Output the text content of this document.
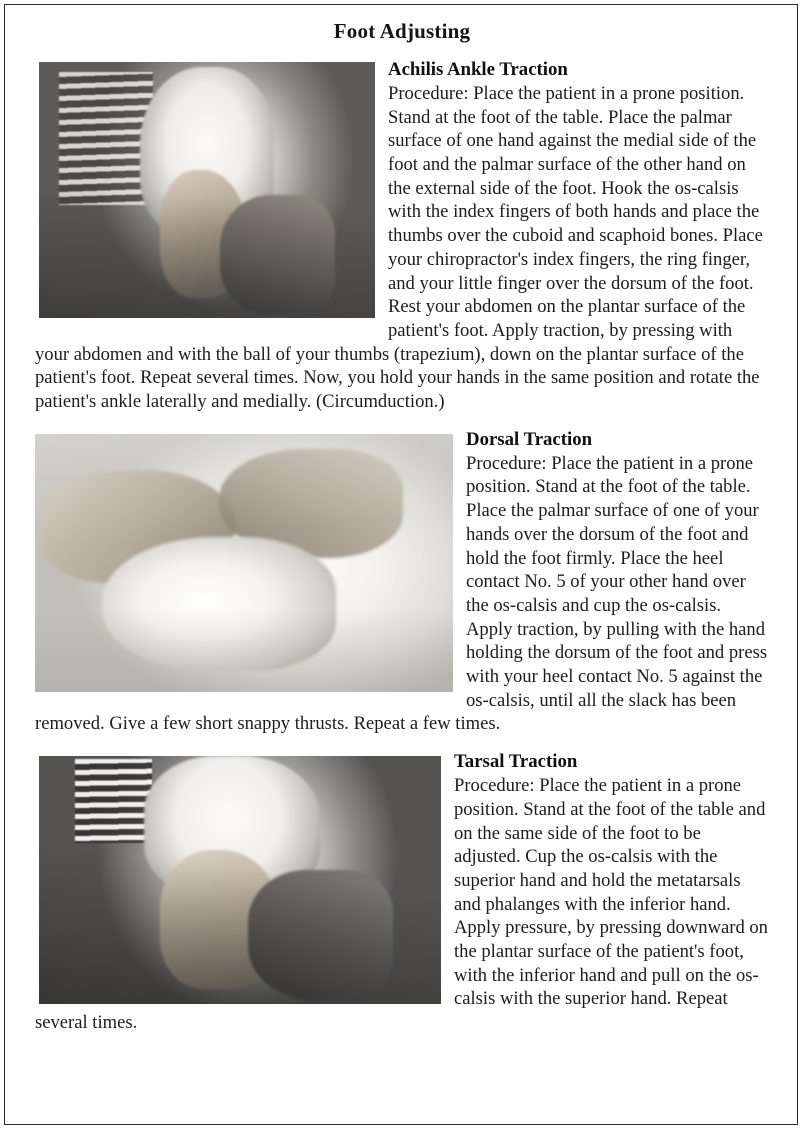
Foot Adjusting

Achilis Ankle Traction

Procedure: Place the patient in a prone position. Stand at the foot of the table. Place the palmar surface of one hand against the medial side of the foot and the palmar surface of the other hand on the external side of the foot. Hook the os-calsis with the index fingers of both hands and place the thumbs over the cuboid and scaphoid bones. Place your chiropractor's index fingers, the ring finger, and your little finger over the dorsum of the foot. Rest your abdomen on the plantar surface of the patient's foot. Apply traction, by pressing with your abdomen and with the ball of your thumbs (trapezium), down on the plantar surface of the patient's foot. Repeat several times. Now, you hold your hands in the same position and rotate the patient's ankle laterally and medially. (Circumduction.)

Dorsal Traction

Procedure: Place the patient in a prone position. Stand at the foot of the table. Place the palmar surface of one of your hands over the dorsum of the foot and hold the foot firmly. Place the heel contact No. 5 of your other hand over the os-calsis and cup the os-calsis. Apply traction, by pulling with the hand holding the dorsum of the foot and press with your heel contact No. 5 against the os-calsis, until all the slack has been removed. Give a few short snappy thrusts. Repeat a few times.

Tarsal Traction

Procedure: Place the patient in a prone position. Stand at the foot of the table and on the same side of the foot to be adjusted. Cup the os-calsis with the superior hand and hold the metatarsals and phalanges with the inferior hand. Apply pressure, by pressing downward on the plantar surface of the patient's foot, with the inferior hand and pull on the os-calsis with the superior hand. Repeat several times.
